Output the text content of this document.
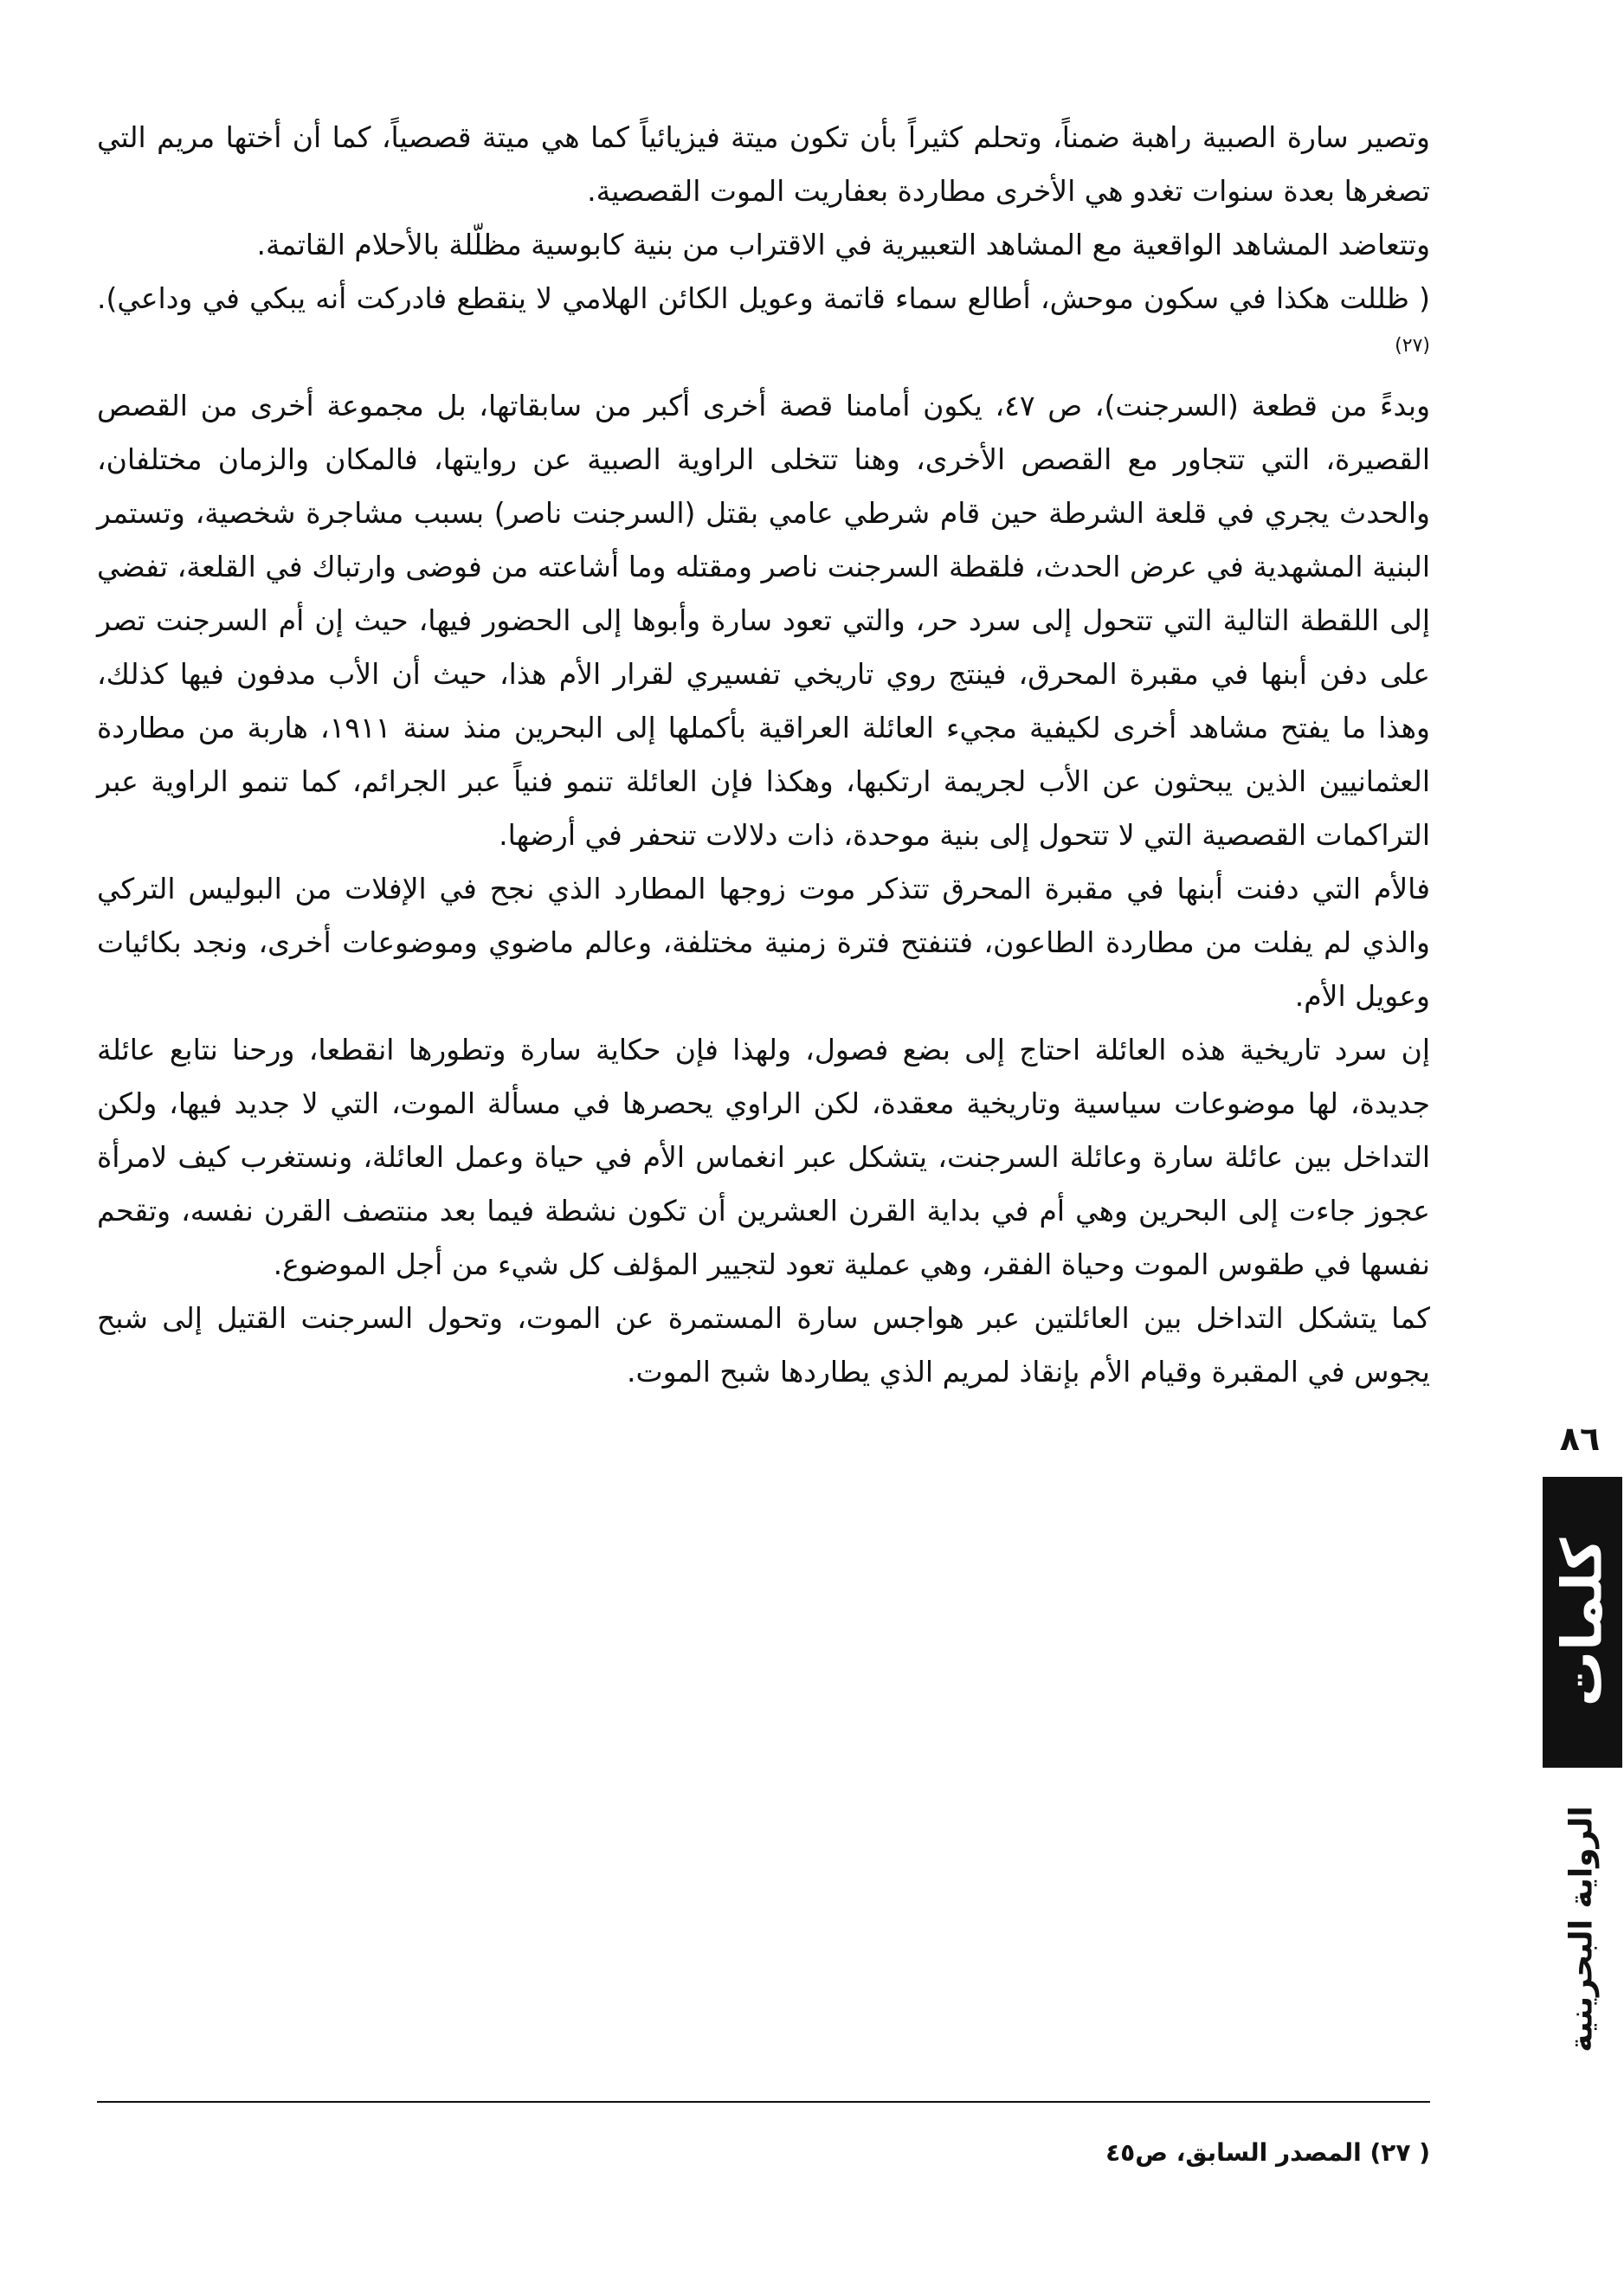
وتصير سارة الصبية راهبة ضمناً، وتحلم كثيراً بأن تكون ميتة فيزيائياً كما هي ميتة قصصياً، كما أن أختها مريم التي تصغرها بعدة سنوات تغدو هي الأخرى مطاردة بعفاريت الموت القصصية.

وتتعاضد المشاهد الواقعية مع المشاهد التعبيرية في الاقتراب من بنية كابوسية مظلّلة بالأحلام القاتمة.

( ظللت هكذا في سكون موحش، أطالع سماء قاتمة وعويل الكائن الهلامي لا ينقطع فادركت أنه يبكي في وداعي). $^{(٢٧)}$

وبدءً من قطعة (السرجنت)، ص ٤٧، يكون أمامنا قصة أخرى أكبر من سابقاتها، بل مجموعة أخرى من القصص القصيرة، التي تتجاور مع القصص الأخرى، وهنا تتخلى الراوية الصبية عن روايتها، فالمكان والزمان مختلفان، والحدث يجري في قلعة الشرطة حين قام شرطي عامي بقتل (السرجنت ناصر) بسبب مشاجرة شخصية، وتستمر البنية المشهدية في عرض الحدث، فلقطة السرجنت ناصر ومقتله وما أشاعته من فوضى وارتباك في القلعة، تفضي إلى اللقطة التالية التي تتحول إلى سرد حر، والتي تعود سارة وأبوها إلى الحضور فيها، حيث إن أم السرجنت تصر على دفن أبنها في مقبرة المحرق، فينتج روي تاريخي تفسيري لقرار الأم هذا، حيث أن الأب مدفون فيها كذلك، وهذا ما يفتح مشاهد أخرى لكيفية مجيء العائلة العراقية بأكملها إلى البحرين منذ سنة ١٩١١، هاربة من مطاردة العثمانيين الذين يبحثون عن الأب لجريمة ارتكبها، وهكذا فإن العائلة تنمو فنياً عبر الجرائم، كما تنمو الراوية عبر التراكمات القصصية التي لا تتحول إلى بنية موحدة، ذات دلالات تنحفر في أرضها.

فالأم التي دفنت أبنها في مقبرة المحرق تتذكر موت زوجها المطارد الذي نجح في الإفلات من البوليس التركي والذي لم يفلت من مطاردة الطاعون، فتنفتح فترة زمنية مختلفة، وعالم ماضوي وموضوعات أخرى، ونجد بكائيات وعويل الأم.

إن سرد تاريخية هذه العائلة احتاج إلى بضع فصول، ولهذا فإن حكاية سارة وتطورها انقطعا، ورحنا نتابع عائلة جديدة، لها موضوعات سياسية وتاريخية معقدة، لكن الراوي يحصرها في مسألة الموت، التي لا جديد فيها، ولكن التداخل بين عائلة سارة وعائلة السرجنت، يتشكل عبر انغماس الأم في حياة وعمل العائلة، ونستغرب كيف لامرأة عجوز جاءت إلى البحرين وهي أم في بداية القرن العشرين أن تكون نشطة فيما بعد منتصف القرن نفسه، وتقحم نفسها في طقوس الموت وحياة الفقر، وهي عملية تعود لتجيير المؤلف كل شيء من أجل الموضوع.

كما يتشكل التداخل بين العائلتين عبر هواجس سارة المستمرة عن الموت، وتحول السرجنت القتيل إلى شبح يجوس في المقبرة وقيام الأم بإنقاذ لمريم الذي يطاردها شبح الموت.

( ٢٧) المصدر السابق، ص٤٥
٨٦
كلمات
الرواية البحرينية
